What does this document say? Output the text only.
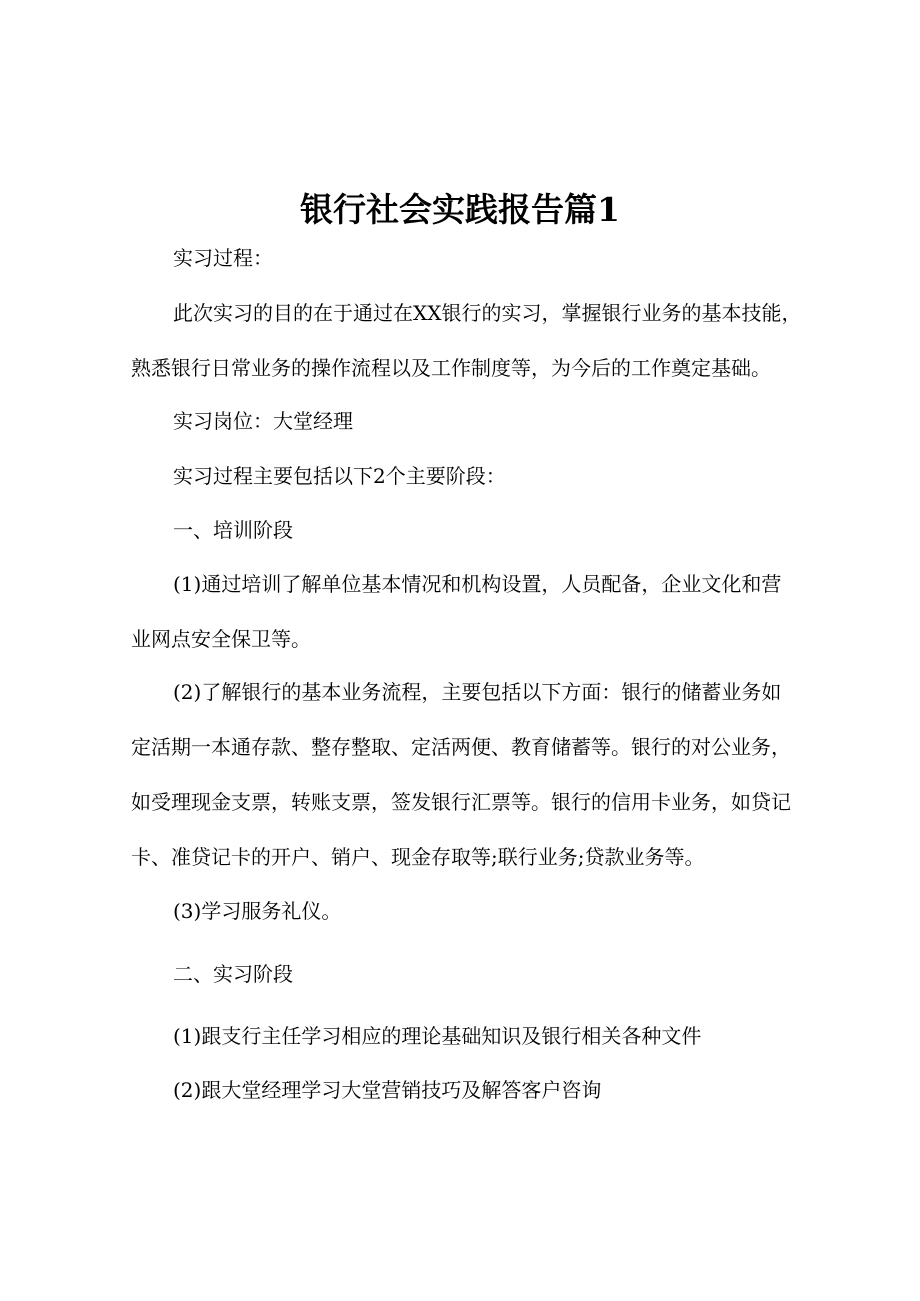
银行社会实践报告篇1
实习过程：
此次实习的目的在于通过在XX银行的实习，掌握银行业务的基本技能，
熟悉银行日常业务的操作流程以及工作制度等，为今后的工作奠定基础。
实习岗位：大堂经理
实习过程主要包括以下2个主要阶段：
一、培训阶段
(1)通过培训了解单位基本情况和机构设置，人员配备，企业文化和营
业网点安全保卫等。
(2)了解银行的基本业务流程，主要包括以下方面：银行的储蓄业务如
定活期一本通存款、整存整取、定活两便、教育储蓄等。银行的对公业务，
如受理现金支票，转账支票，签发银行汇票等。银行的信用卡业务，如贷记
卡、准贷记卡的开户、销户、现金存取等;联行业务;贷款业务等。
(3)学习服务礼仪。
二、实习阶段
(1)跟支行主任学习相应的理论基础知识及银行相关各种文件
(2)跟大堂经理学习大堂营销技巧及解答客户咨询
